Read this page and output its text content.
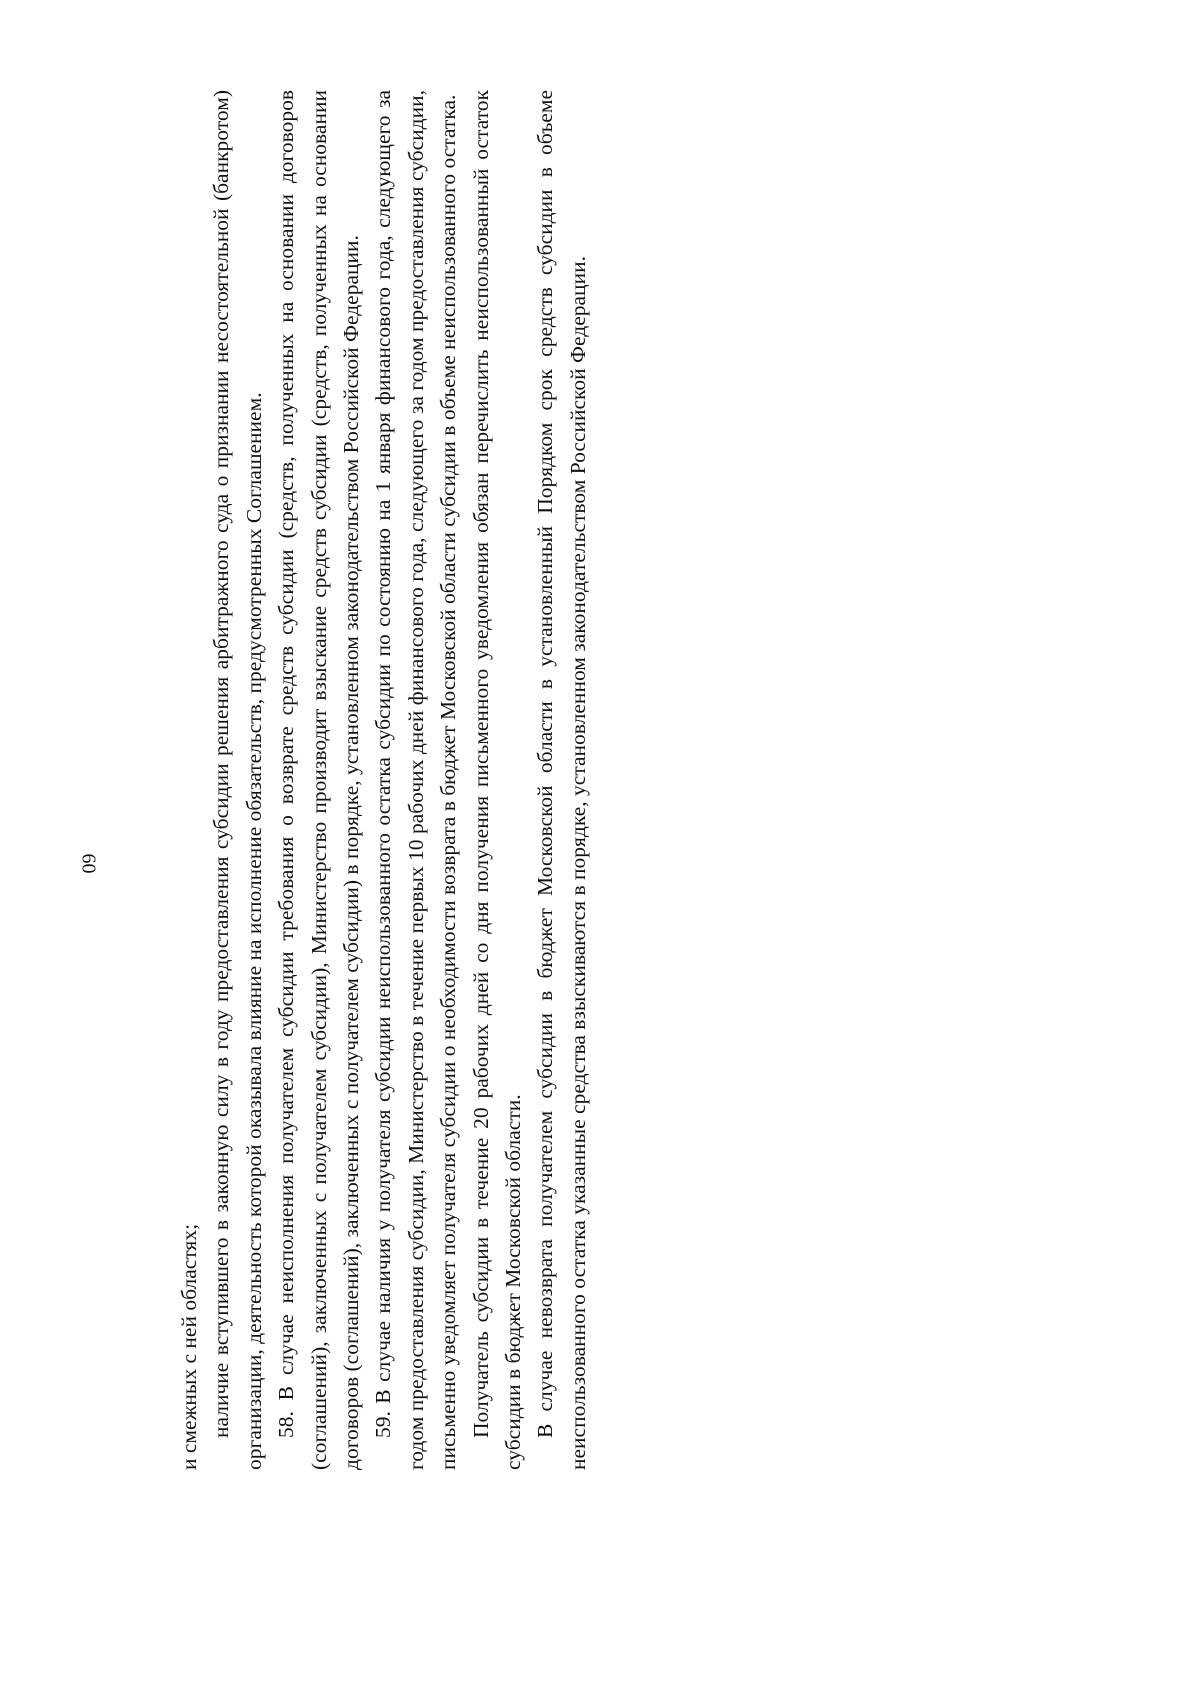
60

и смежных с ней областях; наличие вступившего в законную силу в году предоставления субсидии решения арбитражного суда о признании несостоятельной (банкротом) организации, деятельность которой оказывала влияние на исполнение обязательств, предусмотренных Соглашением. 58. В случае неисполнения получателем субсидии требования о возврате средств субсидии (средств, полученных на основании договоров (соглашений), заключенных с получателем субсидии), Министерство производит взыскание средств субсидии (средств, полученных на основании договоров (соглашений), заключенных с получателем субсидии) в порядке, установленном законодательством Российской Федерации. 59. В случае наличия у получателя субсидии неиспользованного остатка субсидии по состоянию на 1 января финансового года, следующего за годом предоставления субсидии, Министерство в течение первых 10 рабочих дней финансового года, следующего за годом предоставления субсидии, письменно уведомляет получателя субсидии о необходимости возврата в бюджет Московской области субсидии в объеме неиспользованного остатка. Получатель субсидии в течение 20 рабочих дней со дня получения письменного уведомления обязан перечислить неиспользованный остаток субсидии в бюджет Московской области. В случае невозврата получателем субсидии в бюджет Московской области в установленный Порядком срок средств субсидии в объеме неиспользованного остатка указанные средства взыскиваются в порядке, установленном законодательством Российской Федерации.
